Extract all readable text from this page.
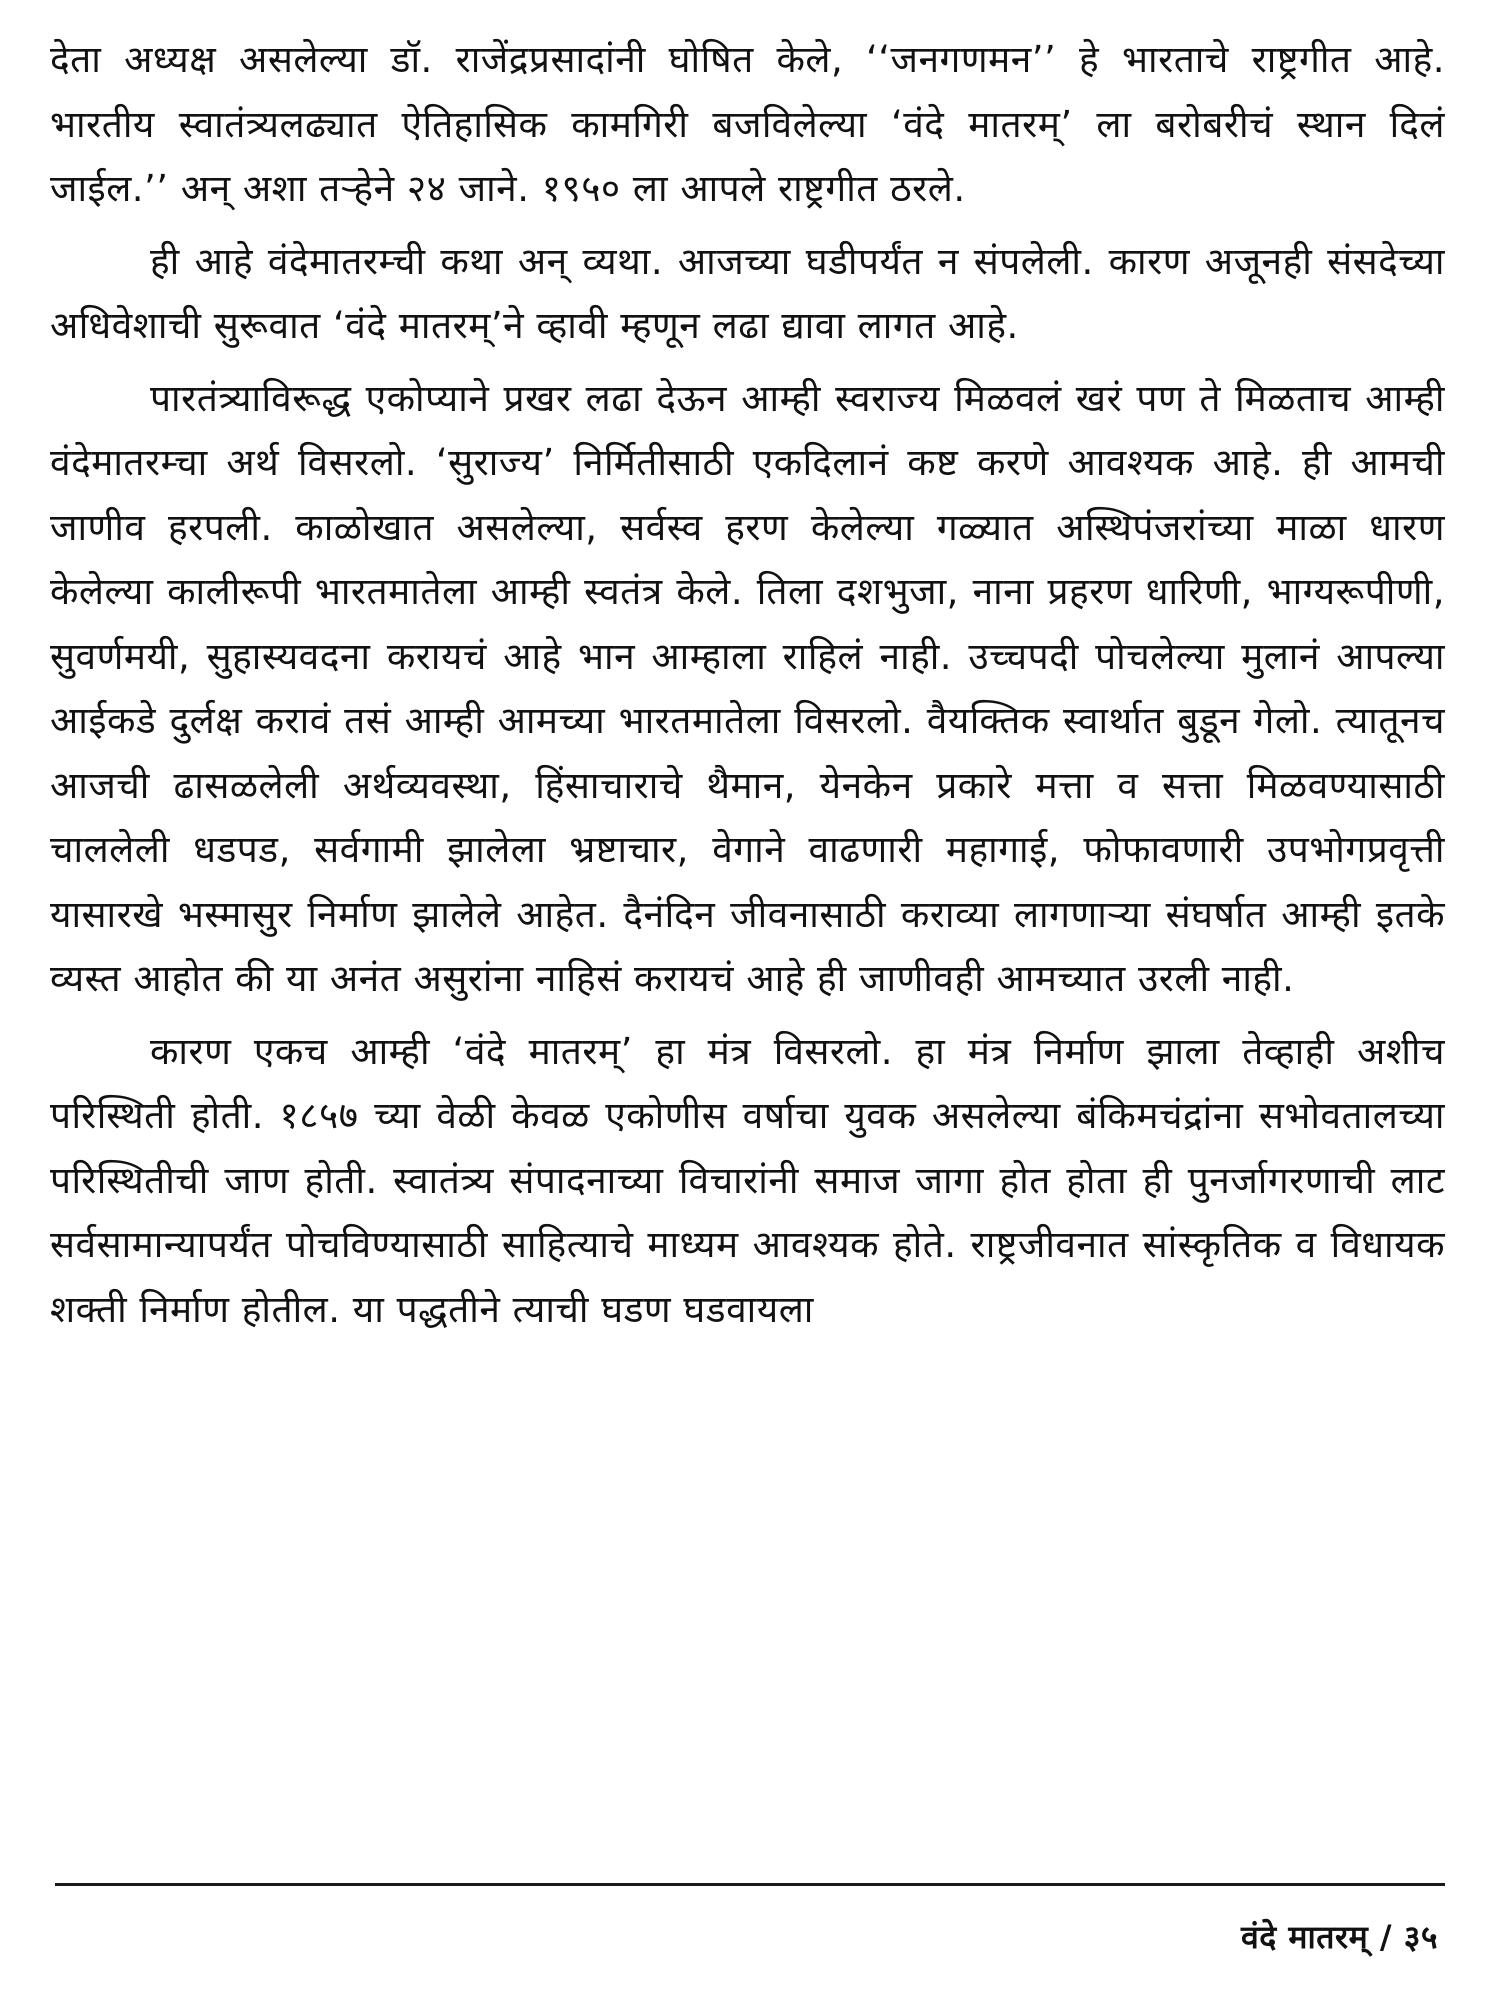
देता अध्यक्ष असलेल्या डॉ. राजेंद्रप्रसादांनी घोषित केले, ‘‘जनगणमन’’ हे भारताचे राष्ट्रगीत आहे. भारतीय स्वातंत्र्यलढ्यात ऐतिहासिक कामगिरी बजविलेल्या ‘वंदे मातरम्’ ला बरोबरीचं स्थान दिलं जाईल.’’ अन् अशा तऱ्हेने २४ जाने. १९५० ला आपले राष्ट्रगीत ठरले.

ही आहे वंदेमातरम्ची कथा अन् व्यथा. आजच्या घडीपर्यंत न संपलेली. कारण अजूनही संसदेच्या अधिवेशाची सुरूवात ‘वंदे मातरम्’ने व्हावी म्हणून लढा द्यावा लागत आहे.

पारतंत्र्याविरूद्ध एकोप्याने प्रखर लढा देऊन आम्ही स्वराज्य मिळवलं खरं पण ते मिळताच आम्ही वंदेमातरम्चा अर्थ विसरलो. ‘सुराज्य’ निर्मितीसाठी एकदिलानं कष्ट करणे आवश्यक आहे. ही आमची जाणीव हरपली. काळोखात असलेल्या, सर्वस्व हरण केलेल्या गळ्यात अस्थिपंजरांच्या माळा धारण केलेल्या कालीरूपी भारतमातेला आम्ही स्वतंत्र केले. तिला दशभुजा, नाना प्रहरण धारिणी, भाग्यरूपीणी, सुवर्णमयी, सुहास्यवदना करायचं आहे भान आम्हाला राहिलं नाही. उच्चपदी पोचलेल्या मुलानं आपल्या आईकडे दुर्लक्ष करावं तसं आम्ही आमच्या भारतमातेला विसरलो. वैयक्तिक स्वार्थात बुडून गेलो. त्यातूनच आजची ढासळलेली अर्थव्यवस्था, हिंसाचाराचे थैमान, येनकेन प्रकारे मत्ता व सत्ता मिळवण्यासाठी चाललेली धडपड, सर्वगामी झालेला भ्रष्टाचार, वेगाने वाढणारी महागाई, फोफावणारी उपभोगप्रवृत्ती यासारखे भस्मासुर निर्माण झालेले आहेत. दैनंदिन जीवनासाठी कराव्या लागणाऱ्या संघर्षात आम्ही इतके व्यस्त आहोत की या अनंत असुरांना नाहिसं करायचं आहे ही जाणीवही आमच्यात उरली नाही.

कारण एकच आम्ही ‘वंदे मातरम्’ हा मंत्र विसरलो. हा मंत्र निर्माण झाला तेव्हाही अशीच परिस्थिती होती. १८५७ च्या वेळी केवळ एकोणीस वर्षाचा युवक असलेल्या बंकिमचंद्रांना सभोवतालच्या परिस्थितीची जाण होती. स्वातंत्र्य संपादनाच्या विचारांनी समाज जागा होत होता ही पुनर्जागरणाची लाट सर्वसामान्यापर्यंत पोचविण्यासाठी साहित्याचे माध्यम आवश्यक होते. राष्ट्रजीवनात सांस्कृतिक व विधायक शक्ती निर्माण होतील. या पद्धतीने त्याची घडण घडवायला

वंदे मातरम् / ३५
